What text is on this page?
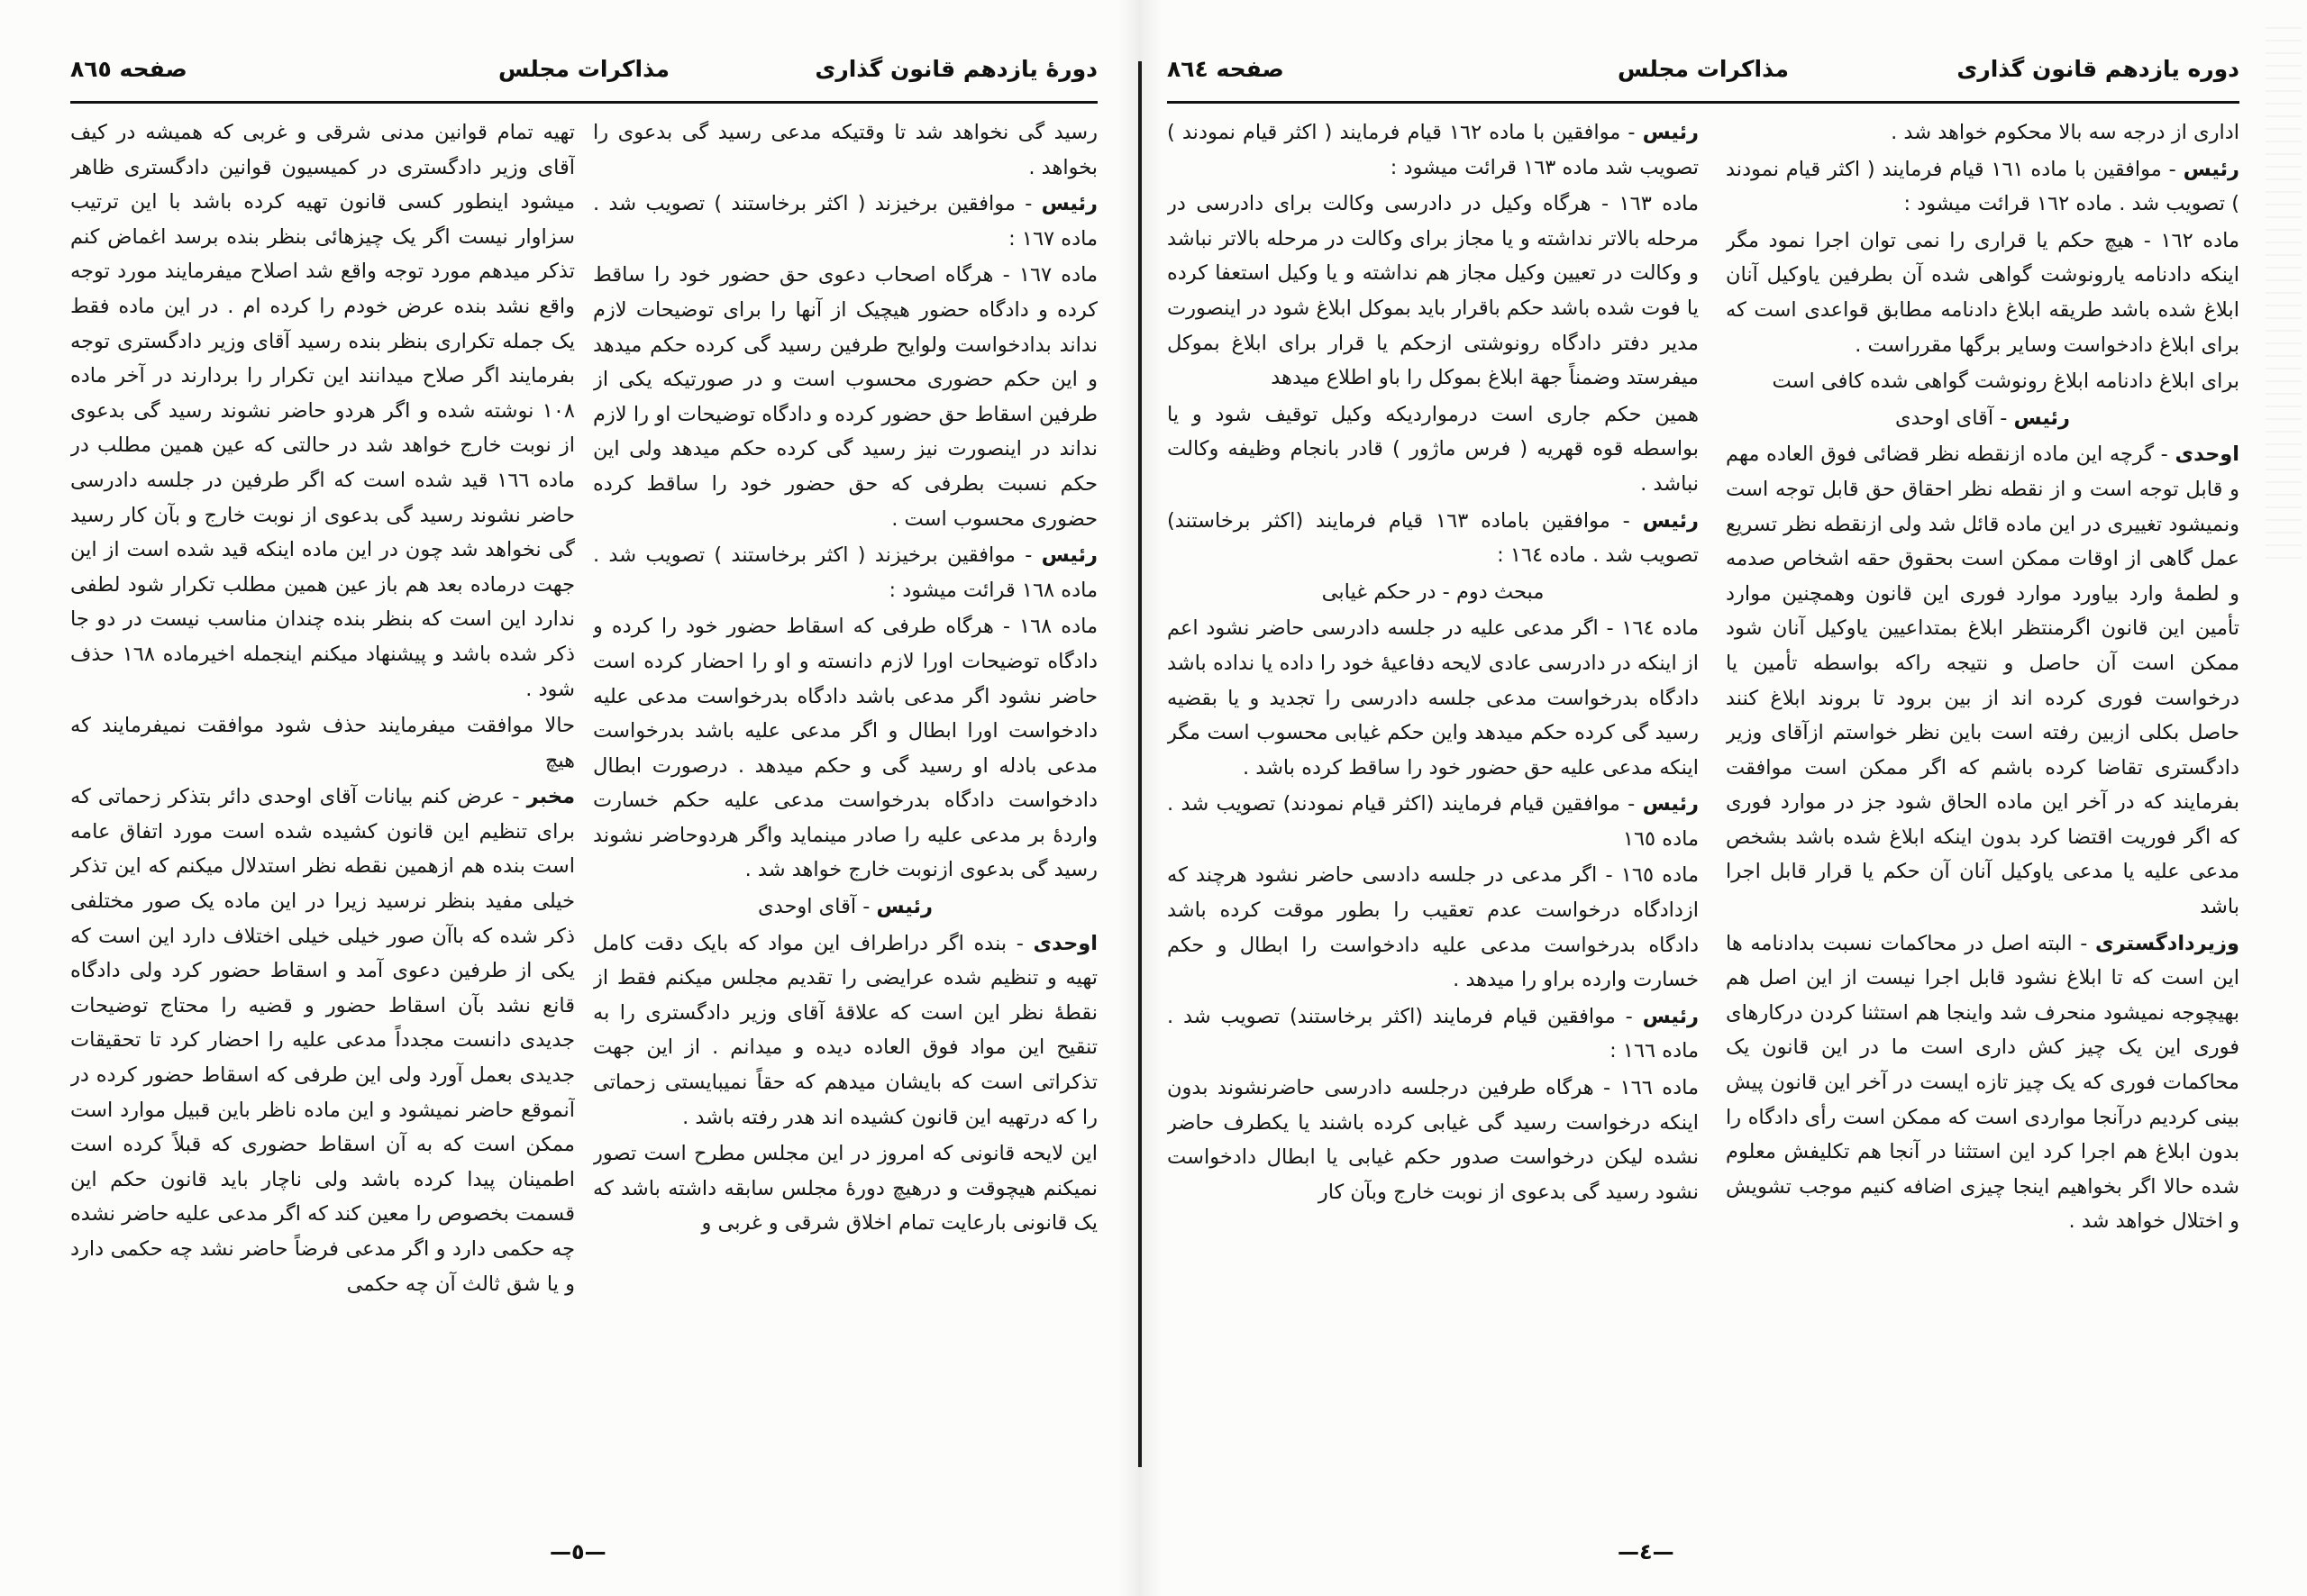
دورهٔ یازدهم قانون گذاری
مذاکرات مجلس
صفحه ۸٦٥
رسید گی نخواهد شد تا وقتیکه مدعی رسید گی بدعوی را بخواهد .
رئیس - موافقین برخیزند ( اکثر برخاستند ) تصویب شد . ماده ١٦٧ :
ماده ١٦٧ - هرگاه اصحاب دعوی حق حضور خود را ساقط کرده و دادگاه حضور هیچیک از آنها را برای توضیحات لازم نداند بدادخواست ولوایح طرفین رسید گی کرده حکم میدهد و این حکم حضوری محسوب است و در صورتیکه یکی از طرفین اسقاط حق حضور کرده و دادگاه توضیحات او را لازم نداند در اینصورت نیز رسید گی کرده حکم میدهد ولی این حکم نسبت بطرفی که حق حضور خود را ساقط کرده حضوری محسوب است .
رئیس - موافقین برخیزند ( اکثر برخاستند ) تصویب شد . ماده ١٦٨ قرائت میشود :
ماده ١٦٨ - هرگاه طرفی که اسقاط حضور خود را کرده و دادگاه توضیحات اورا لازم دانسته و او را احضار کرده است حاضر نشود اگر مدعی باشد دادگاه بدرخواست مدعی علیه دادخواست اورا ابطال و اگر مدعی علیه باشد بدرخواست مدعی بادله او رسید گی و حکم میدهد . درصورت ابطال دادخواست دادگاه بدرخواست مدعی علیه حکم خسارت واردهٔ بر مدعی علیه را صادر مینماید واگر هردوحاضر نشوند رسید گی بدعوی ازنوبت خارج خواهد شد .
رئیس - آقای اوحدی
اوحدی - بنده اگر دراطراف این مواد که بایک دقت کامل تهیه و تنظیم شده عرایضی را تقدیم مجلس میکنم فقط از نقطهٔ نظر این است که علاقهٔ آقای وزیر دادگستری را به تنقیح این مواد فوق العاده دیده و میدانم . از این جهت تذکراتی است که بایشان میدهم که حقاً نمیبایستی زحماتی را که درتهیه این قانون کشیده اند هدر رفته باشد .
این لایحه قانونی که امروز در این مجلس مطرح است تصور نمیکنم هیچوقت و درهیچ دورهٔ مجلس سابقه داشته باشد که یک قانونی بارعایت تمام اخلاق شرقی و غربی و
تهیه تمام قوانین مدنی شرقی و غربی که همیشه در کیف آقای وزیر دادگستری در کمیسیون قوانین دادگستری ظاهر میشود اینطور کسی قانون تهیه کرده باشد با این ترتیب سزاوار نیست اگر یک چیزهائی بنظر بنده برسد اغماض کنم تذکر میدهم مورد توجه واقع شد اصلاح میفرمایند مورد توجه واقع نشد بنده عرض خودم را کرده ام . در این ماده فقط یک جمله تکراری بنظر بنده رسید آقای وزیر دادگستری توجه بفرمایند اگر صلاح میدانند این تکرار را بردارند در آخر ماده ١٠٨ نوشته شده و اگر هردو حاضر نشوند رسید گی بدعوی از نوبت خارج خواهد شد در حالتی که عین همین مطلب در ماده ١٦٦ قید شده است که اگر طرفین در جلسه دادرسی حاضر نشوند رسید گی بدعوی از نوبت خارج و بآن کار رسید گی نخواهد شد چون در این ماده اینکه قید شده است از این جهت درماده بعد هم باز عین همین مطلب تکرار شود لطفی ندارد این است که بنظر بنده چندان مناسب نیست در دو جا ذکر شده باشد و پیشنهاد میکنم اینجمله اخیرماده ١٦٨ حذف شود .
حالا موافقت میفرمایند حذف شود موافقت نمیفرمایند که هیچ
مخبر - عرض کنم بیانات آقای اوحدی دائر بتذکر زحماتی که برای تنظیم این قانون کشیده شده است مورد اتفاق عامه است بنده هم ازهمین نقطه نظر استدلال میکنم که این تذکر خیلی مفید بنظر نرسید زیرا در این ماده یک صور مختلفی ذکر شده که باآن صور خیلی خیلی اختلاف دارد این است که یکی از طرفین دعوی آمد و اسقاط حضور کرد ولی دادگاه قانع نشد بآن اسقاط حضور و قضیه را محتاج توضیحات جدیدی دانست مجدداً مدعی علیه را احضار کرد تا تحقیقات جدیدی بعمل آورد ولی این طرفی که اسقاط حضور کرده در آنموقع حاضر نمیشود و این ماده ناظر باین قبیل موارد است ممکن است که به آن اسقاط حضوری که قبلاً کرده است اطمینان پیدا کرده باشد ولی ناچار باید قانون حکم این قسمت بخصوص را معین کند که اگر مدعی علیه حاضر نشده چه حکمی دارد و اگر مدعی فرضاً حاضر نشد چه حکمی دارد و یا شق ثالث آن چه حکمی
—٥—
دوره یازدهم قانون گذاری
مذاکرات مجلس
صفحه ۸٦٤
اداری از درجه سه بالا محکوم خواهد شد .
رئیس - موافقین با ماده ١٦١ قیام فرمایند ( اکثر قیام نمودند ) تصویب شد . ماده ١٦٢ قرائت میشود :
ماده ١٦٢ - هیچ حکم یا قراری را نمی توان اجرا نمود مگر اینکه دادنامه یارونوشت گواهی شده آن بطرفین یاوکیل آنان ابلاغ شده باشد طریقه ابلاغ دادنامه مطابق قواعدی است که برای ابلاغ دادخواست وسایر برگها مقرراست .
برای ابلاغ دادنامه ابلاغ رونوشت گواهی شده کافی است
رئیس - آقای اوحدی
اوحدی - گرچه این ماده ازنقطه نظر قضائی فوق العاده مهم و قابل توجه است و از نقطه نظر احقاق حق قابل توجه است ونمیشود تغییری در این ماده قائل شد ولی ازنقطه نظر تسریع عمل گاهی از اوقات ممکن است بحقوق حقه اشخاص صدمه و لطمهٔ وارد بیاورد موارد فوری این قانون وهمچنین موارد تأمین این قانون اگرمنتظر ابلاغ بمتداعیین یاوکیل آنان شود ممکن است آن حاصل و نتیجه راکه بواسطه تأمین یا درخواست فوری کرده اند از بین برود تا بروند ابلاغ کنند حاصل بکلی ازبین رفته است باین نظر خواستم ازآقای وزیر دادگستری تقاضا کرده باشم که اگر ممکن است موافقت بفرمایند که در آخر این ماده الحاق شود جز در موارد فوری که اگر فوریت اقتضا کرد بدون اینکه ابلاغ شده باشد بشخص مدعی علیه یا مدعی یاوکیل آنان آن حکم یا قرار قابل اجرا باشد
وزیردادگستری - البته اصل در محاکمات نسبت بدادنامه ها این است که تا ابلاغ نشود قابل اجرا نیست از این اصل هم بهیچوجه نمیشود منحرف شد واینجا هم استثنا کردن درکارهای فوری این یک چیز کش داری است ما در این قانون یک محاکمات فوری که یک چیز تازه ایست در آخر این قانون پیش بینی کردیم درآنجا مواردی است که ممکن است رأی دادگاه را بدون ابلاغ هم اجرا کرد این استثنا در آنجا هم تکلیفش معلوم شده حالا اگر بخواهیم اینجا چیزی اضافه کنیم موجب تشویش و اختلال خواهد شد .
رئیس - موافقین با ماده ١٦٢ قیام فرمایند ( اکثر قیام نمودند ) تصویب شد ماده ١٦٣ قرائت میشود :
ماده ١٦٣ - هرگاه وکیل در دادرسی وکالت برای دادرسی در مرحله بالاتر نداشته و یا مجاز برای وکالت در مرحله بالاتر نباشد و وکالت در تعیین وکیل مجاز هم نداشته و یا وکیل استعفا کرده یا فوت شده باشد حکم باقرار باید بموکل ابلاغ شود در اینصورت مدیر دفتر دادگاه رونوشتی ازحکم یا قرار برای ابلاغ بموکل میفرستد وضمناً جهة ابلاغ بموکل را باو اطلاع میدهد
همین حکم جاری است درمواردیکه وکیل توقیف شود و یا بواسطه قوه قهریه ( فرس ماژور ) قادر بانجام وظیفه وکالت نباشد .
رئیس - موافقین باماده ١٦٣ قیام فرمایند (اکثر برخاستند) تصویب شد . ماده ١٦٤ :
مبحث دوم - در حکم غیابی
ماده ١٦٤ - اگر مدعی علیه در جلسه دادرسی حاضر نشود اعم از اینکه در دادرسی عادی لایحه دفاعیهٔ خود را داده یا نداده باشد دادگاه بدرخواست مدعی جلسه دادرسی را تجدید و یا بقضیه رسید گی کرده حکم میدهد واین حکم غیابی محسوب است مگر اینکه مدعی علیه حق حضور خود را ساقط کرده باشد .
رئیس - موافقین قیام فرمایند (اکثر قیام نمودند) تصویب شد . ماده ١٦٥
ماده ١٦٥ - اگر مدعی در جلسه دادسی حاضر نشود هرچند که ازدادگاه درخواست عدم تعقیب را بطور موقت کرده باشد دادگاه بدرخواست مدعی علیه دادخواست را ابطال و حکم خسارت وارده براو را میدهد .
رئیس - موافقین قیام فرمایند (اکثر برخاستند) تصویب شد . ماده ١٦٦ :
ماده ١٦٦ - هرگاه طرفین درجلسه دادرسی حاضرنشوند بدون اینکه درخواست رسید گی غیابی کرده باشند یا یکطرف حاضر نشده لیکن درخواست صدور حکم غیابی یا ابطال دادخواست نشود رسید گی بدعوی از نوبت خارج وبآن کار
—٤—
